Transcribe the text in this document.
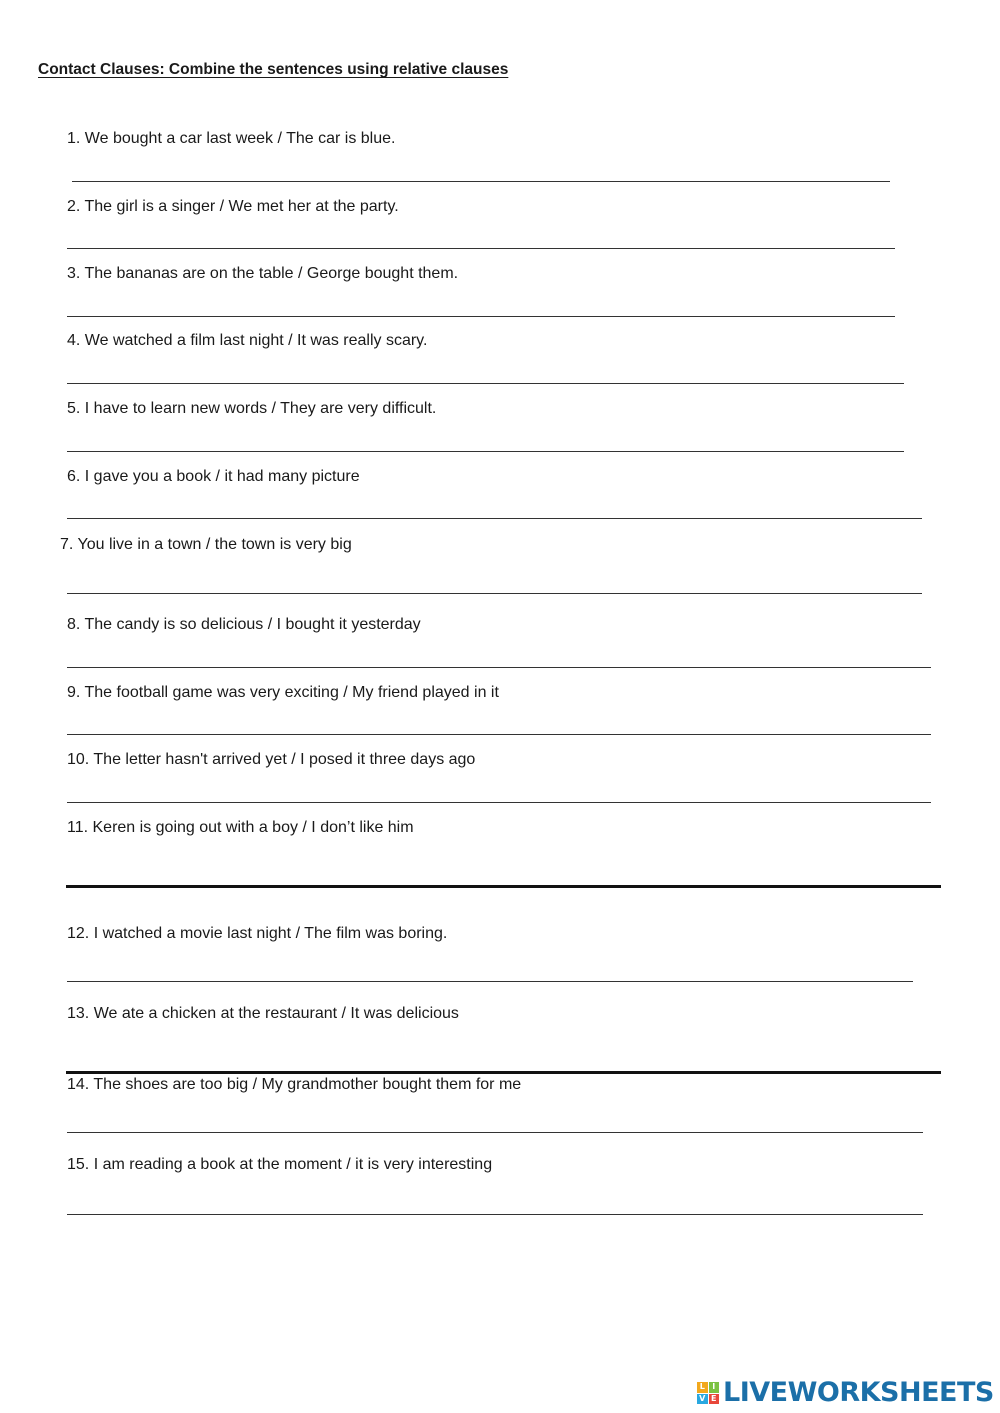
Contact Clauses: Combine the sentences using relative clauses
1. We bought a car last week / The car is blue.
2. The girl is a singer / We met her at the party.
3. The bananas are on the table / George bought them.
4. We watched a film last night / It was really scary.
5. I have to learn new words / They are very difficult.
6. I gave you a book / it had many picture
7. You live in a town / the town is very big
8. The candy is so delicious / I bought it yesterday
9. The football game was very exciting / My friend played in it
10. The letter hasn't arrived yet / I posed it three days ago
11. Keren is going out with a boy / I don’t like him
12. I watched a movie last night / The film was boring.
13. We ate a chicken at the restaurant / It was delicious
14. The shoes are too big / My grandmother bought them for me
15. I am reading a book at the moment / it is very interesting
L I
V E LIVEWORKSHEETS
